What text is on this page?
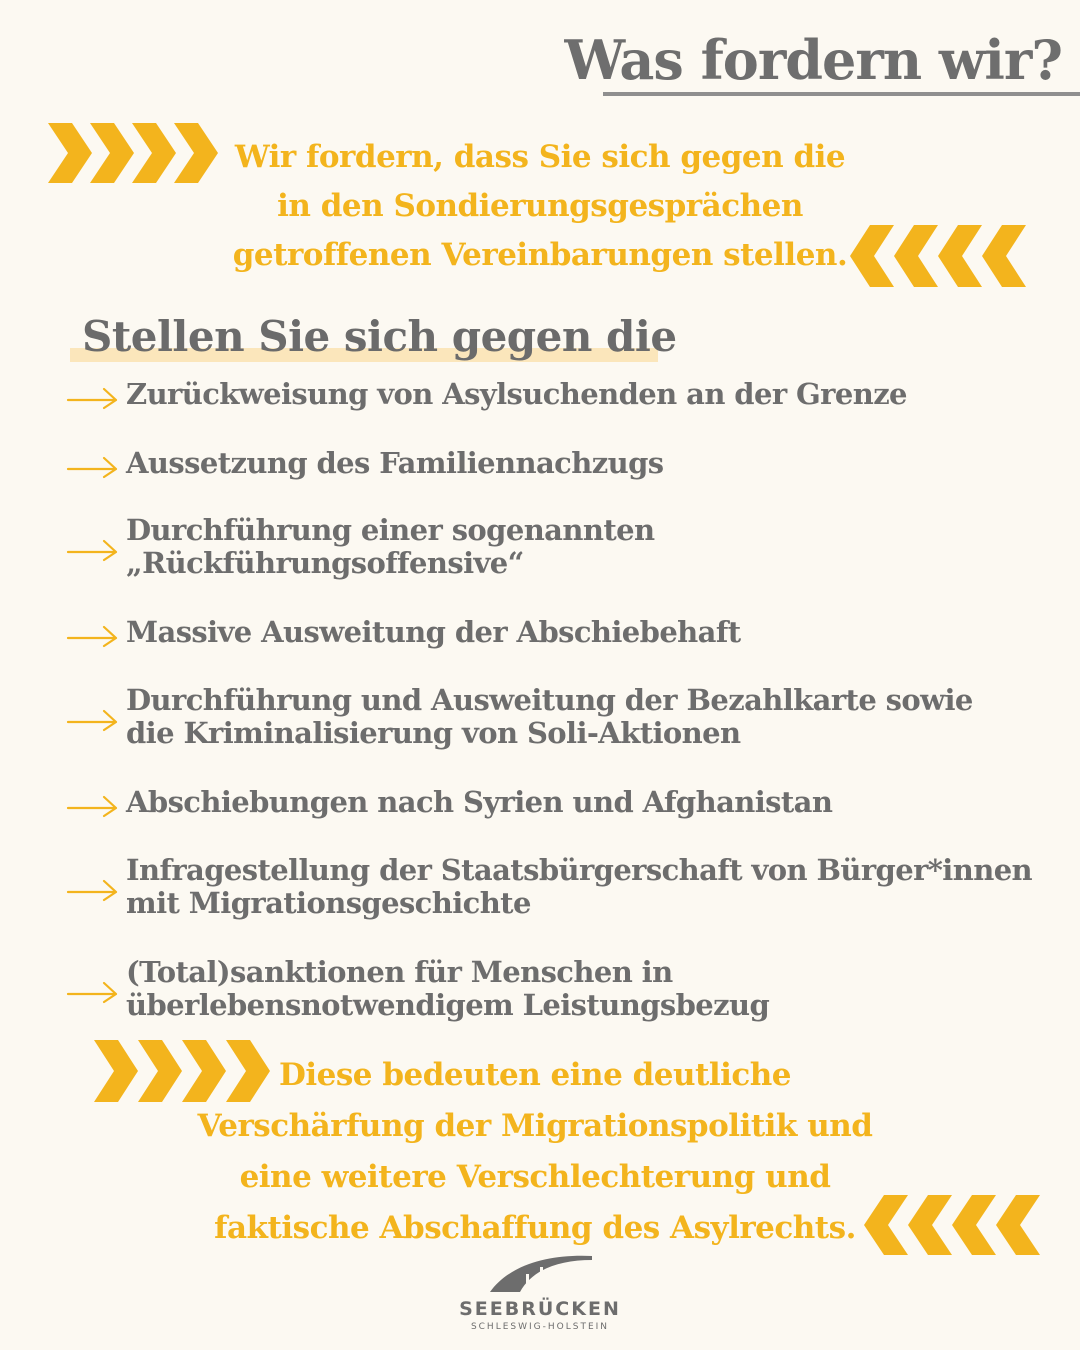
Was fordern wir?

Wir fordern, dass Sie sich gegen die
in den Sondierungsgesprächen
getroffenen Vereinbarungen stellen.

Stellen Sie sich gegen die
Zurückweisung von Asylsuchenden an der Grenze
Aussetzung des Familiennachzugs
Durchführung einer sogenannten
„Rückführungsoffensive“
Massive Ausweitung der Abschiebehaft
Durchführung und Ausweitung der Bezahlkarte sowie
die Kriminalisierung von Soli-Aktionen
Abschiebungen nach Syrien und Afghanistan
Infragestellung der Staatsbürgerschaft von Bürger*innen
mit Migrationsgeschichte
(Total)sanktionen für Menschen in
überlebensnotwendigem Leistungsbezug

Diese bedeuten eine deutliche
Verschärfung der Migrationspolitik und
eine weitere Verschlechterung und
faktische Abschaffung des Asylrechts.

SEEBRÜCKEN
SCHLESWIG-HOLSTEIN
